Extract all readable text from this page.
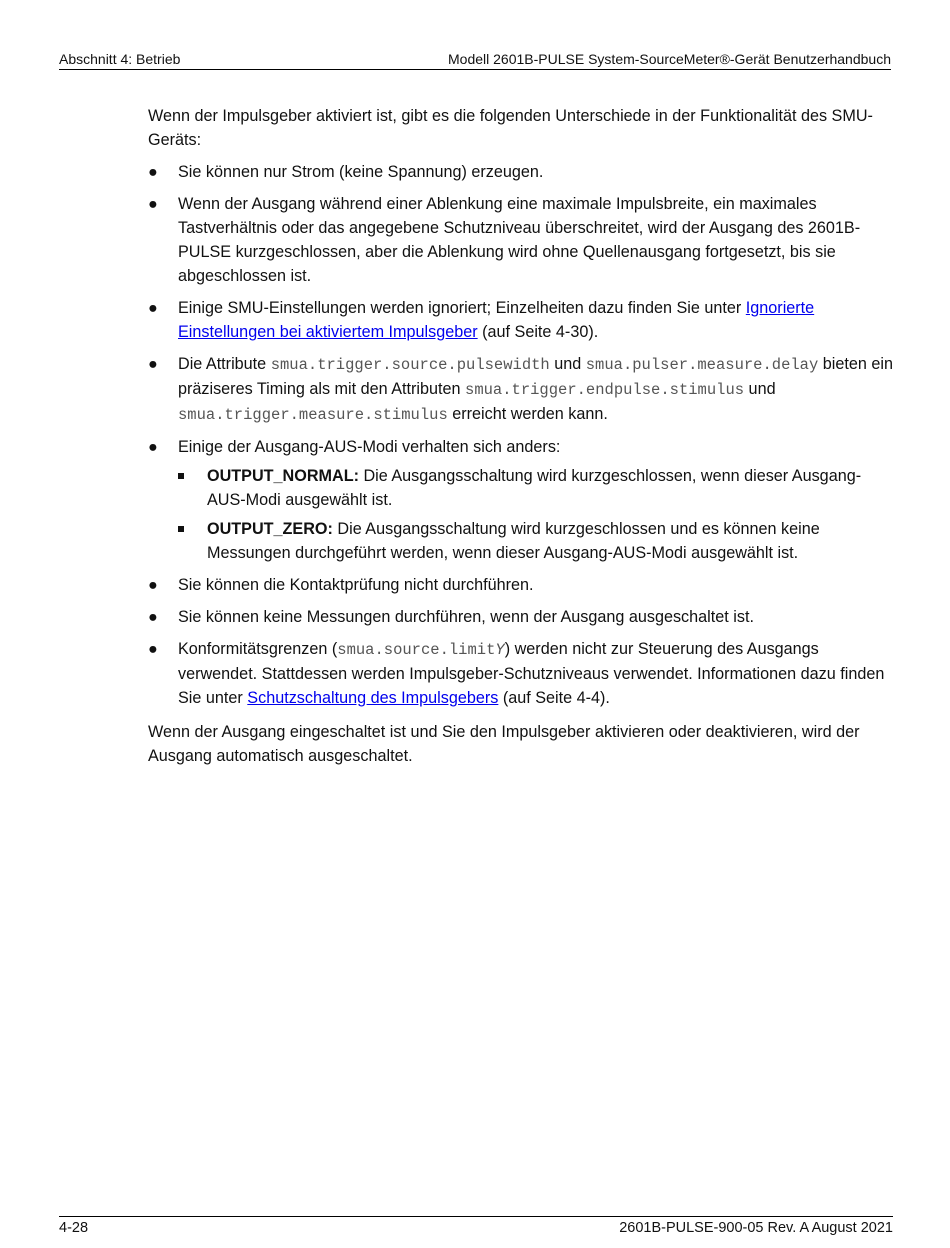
Abschnitt 4: Betrieb	Modell 2601B-PULSE System-SourceMeter®-Gerät Benutzerhandbuch

Wenn der Impulsgeber aktiviert ist, gibt es die folgenden Unterschiede in der Funktionalität des SMU-Geräts:

● Sie können nur Strom (keine Spannung) erzeugen.
● Wenn der Ausgang während einer Ablenkung eine maximale Impulsbreite, ein maximales Tastverhältnis oder das angegebene Schutzniveau überschreitet, wird der Ausgang des 2601B-PULSE kurzgeschlossen, aber die Ablenkung wird ohne Quellenausgang fortgesetzt, bis sie abgeschlossen ist.
● Einige SMU-Einstellungen werden ignoriert; Einzelheiten dazu finden Sie unter Ignorierte Einstellungen bei aktiviertem Impulsgeber (auf Seite 4-30).
● Die Attribute smua.trigger.source.pulsewidth und smua.pulser.measure.delay bieten ein präziseres Timing als mit den Attributen smua.trigger.endpulse.stimulus und smua.trigger.measure.stimulus erreicht werden kann.
● Einige der Ausgang-AUS-Modi verhalten sich anders:
OUTPUT_NORMAL: Die Ausgangsschaltung wird kurzgeschlossen, wenn dieser Ausgang-AUS-Modi ausgewählt ist.
OUTPUT_ZERO: Die Ausgangsschaltung wird kurzgeschlossen und es können keine Messungen durchgeführt werden, wenn dieser Ausgang-AUS-Modi ausgewählt ist.
● Sie können die Kontaktprüfung nicht durchführen.
● Sie können keine Messungen durchführen, wenn der Ausgang ausgeschaltet ist.
● Konformitätsgrenzen (smua.source.limitY) werden nicht zur Steuerung des Ausgangs verwendet. Stattdessen werden Impulsgeber-Schutzniveaus verwendet. Informationen dazu finden Sie unter Schutzschaltung des Impulsgebers (auf Seite 4-4).

Wenn der Ausgang eingeschaltet ist und Sie den Impulsgeber aktivieren oder deaktivieren, wird der Ausgang automatisch ausgeschaltet.

4-28	2601B-PULSE-900-05 Rev. A August 2021
